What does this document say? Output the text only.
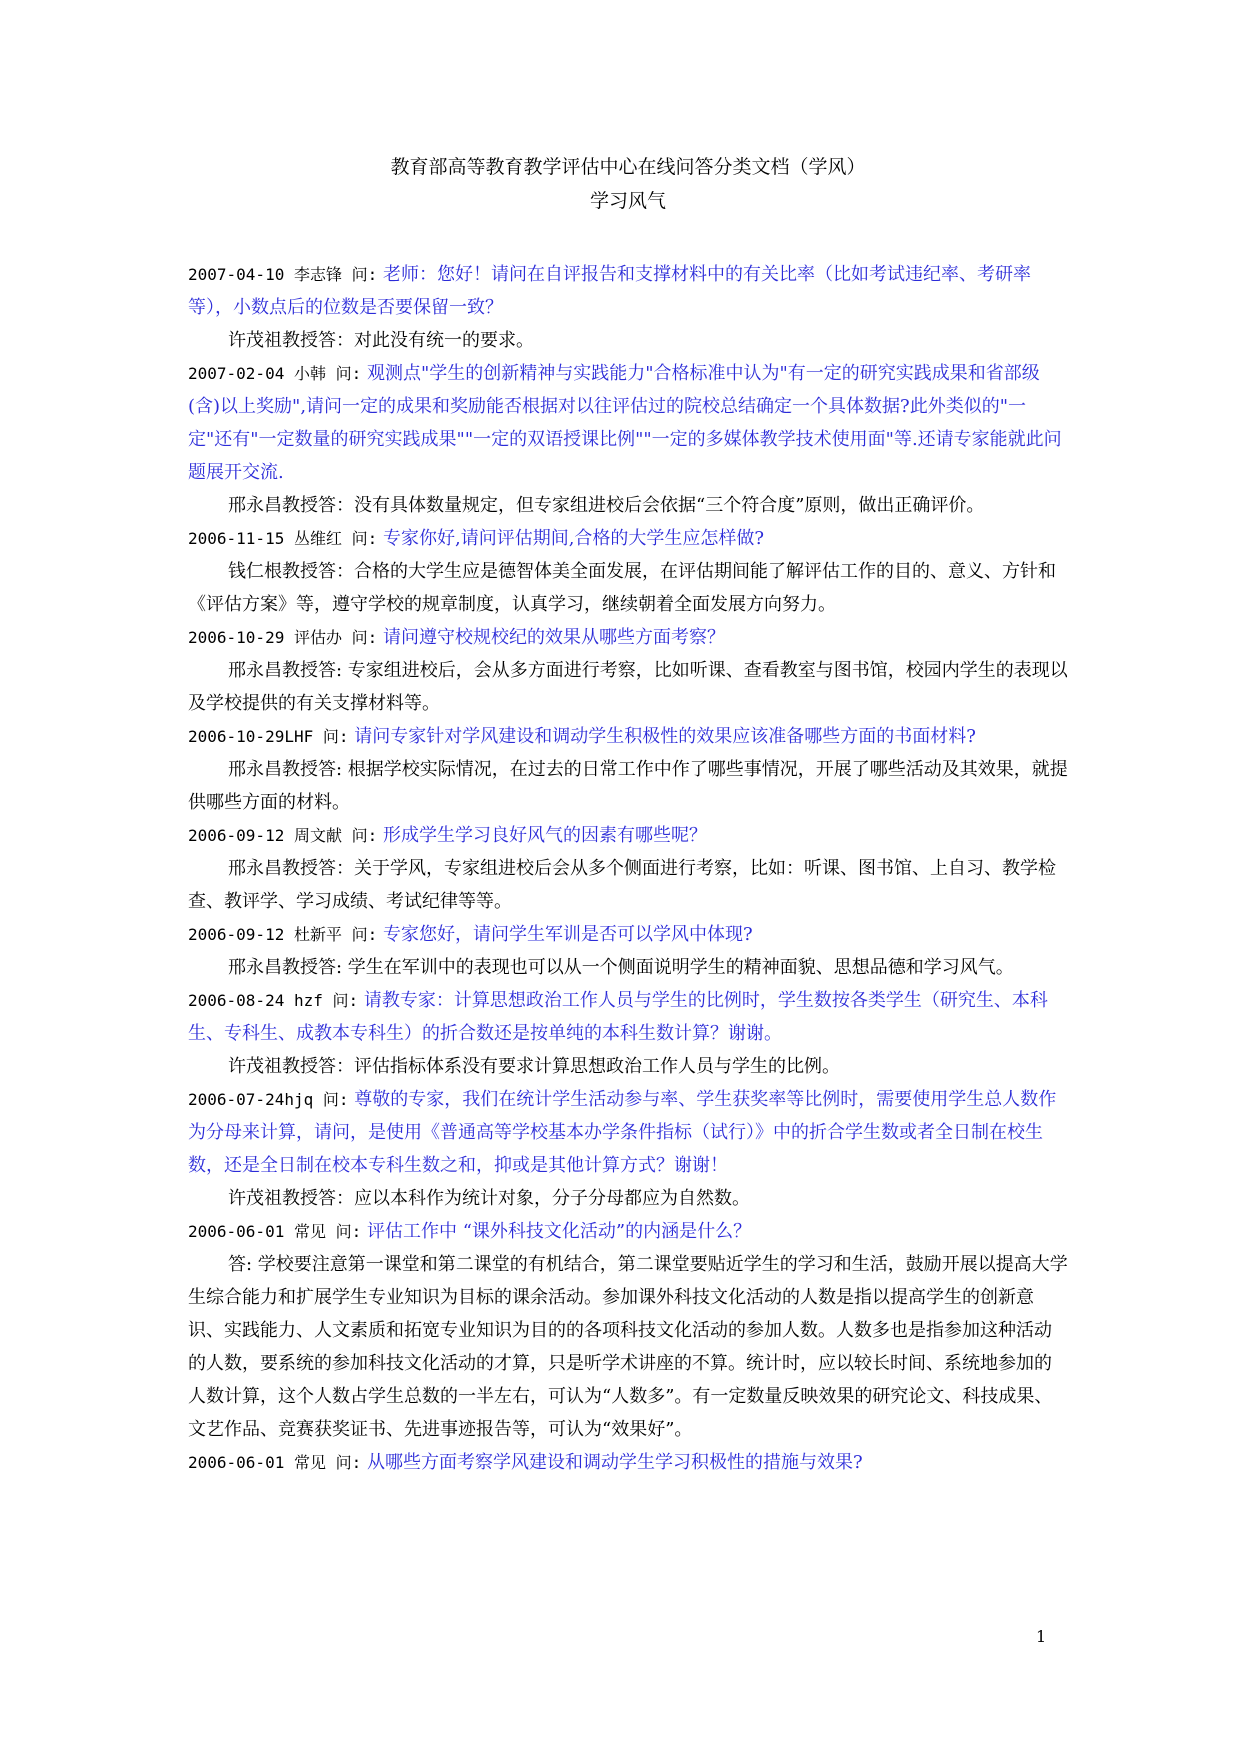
教育部高等教育教学评估中心在线问答分类文档（学风）

学习风气

2007-04-10 李志锋 问: 老师：您好！请问在自评报告和支撑材料中的有关比率（比如考试违纪率、考研率等），小数点后的位数是否要保留一致？

许茂祖教授答：对此没有统一的要求。

2007-02-04 小韩 问: 观测点"学生的创新精神与实践能力"合格标准中认为"有一定的研究实践成果和省部级(含)以上奖励",请问一定的成果和奖励能否根据对以往评估过的院校总结确定一个具体数据?此外类似的"一定"还有"一定数量的研究实践成果""一定的双语授课比例""一定的多媒体教学技术使用面"等.还请专家能就此问题展开交流.

邢永昌教授答：没有具体数量规定，但专家组进校后会依据“三个符合度”原则，做出正确评价。

2006-11-15 丛维红 问: 专家你好,请问评估期间,合格的大学生应怎样做?

钱仁根教授答：合格的大学生应是德智体美全面发展，在评估期间能了解评估工作的目的、意义、方针和《评估方案》等，遵守学校的规章制度，认真学习，继续朝着全面发展方向努力。

2006-10-29 评估办 问: 请问遵守校规校纪的效果从哪些方面考察？

邢永昌教授答: 专家组进校后，会从多方面进行考察，比如听课、查看教室与图书馆，校园内学生的表现以及学校提供的有关支撑材料等。

2006-10-29LHF 问: 请问专家针对学风建设和调动学生积极性的效果应该准备哪些方面的书面材料?

邢永昌教授答: 根据学校实际情况，在过去的日常工作中作了哪些事情况，开展了哪些活动及其效果，就提供哪些方面的材料。

2006-09-12 周文献 问: 形成学生学习良好风气的因素有哪些呢？

邢永昌教授答：关于学风，专家组进校后会从多个侧面进行考察，比如：听课、图书馆、上自习、教学检查、教评学、学习成绩、考试纪律等等。

2006-09-12 杜新平 问: 专家您好，请问学生军训是否可以学风中体现?

邢永昌教授答: 学生在军训中的表现也可以从一个侧面说明学生的精神面貌、思想品德和学习风气。

2006-08-24 hzf 问: 请教专家：计算思想政治工作人员与学生的比例时，学生数按各类学生（研究生、本科生、专科生、成教本专科生）的折合数还是按单纯的本科生数计算？谢谢。

许茂祖教授答：评估指标体系没有要求计算思想政治工作人员与学生的比例。

2006-07-24hjq 问: 尊敬的专家，我们在统计学生活动参与率、学生获奖率等比例时，需要使用学生总人数作为分母来计算，请问，是使用《普通高等学校基本办学条件指标（试行）》中的折合学生数或者全日制在校生数，还是全日制在校本专科生数之和，抑或是其他计算方式？谢谢！

许茂祖教授答：应以本科作为统计对象，分子分母都应为自然数。

2006-06-01 常见 问: 评估工作中 “课外科技文化活动”的内涵是什么？

答: 学校要注意第一课堂和第二课堂的有机结合，第二课堂要贴近学生的学习和生活，鼓励开展以提高大学生综合能力和扩展学生专业知识为目标的课余活动。参加课外科技文化活动的人数是指以提高学生的创新意识、实践能力、人文素质和拓宽专业知识为目的的各项科技文化活动的参加人数。人数多也是指参加这种活动的人数，要系统的参加科技文化活动的才算，只是听学术讲座的不算。统计时，应以较长时间、系统地参加的人数计算，这个人数占学生总数的一半左右，可认为“人数多”。有一定数量反映效果的研究论文、科技成果、文艺作品、竞赛获奖证书、先进事迹报告等，可认为“效果好”。

2006-06-01 常见 问: 从哪些方面考察学风建设和调动学生学习积极性的措施与效果?

1
